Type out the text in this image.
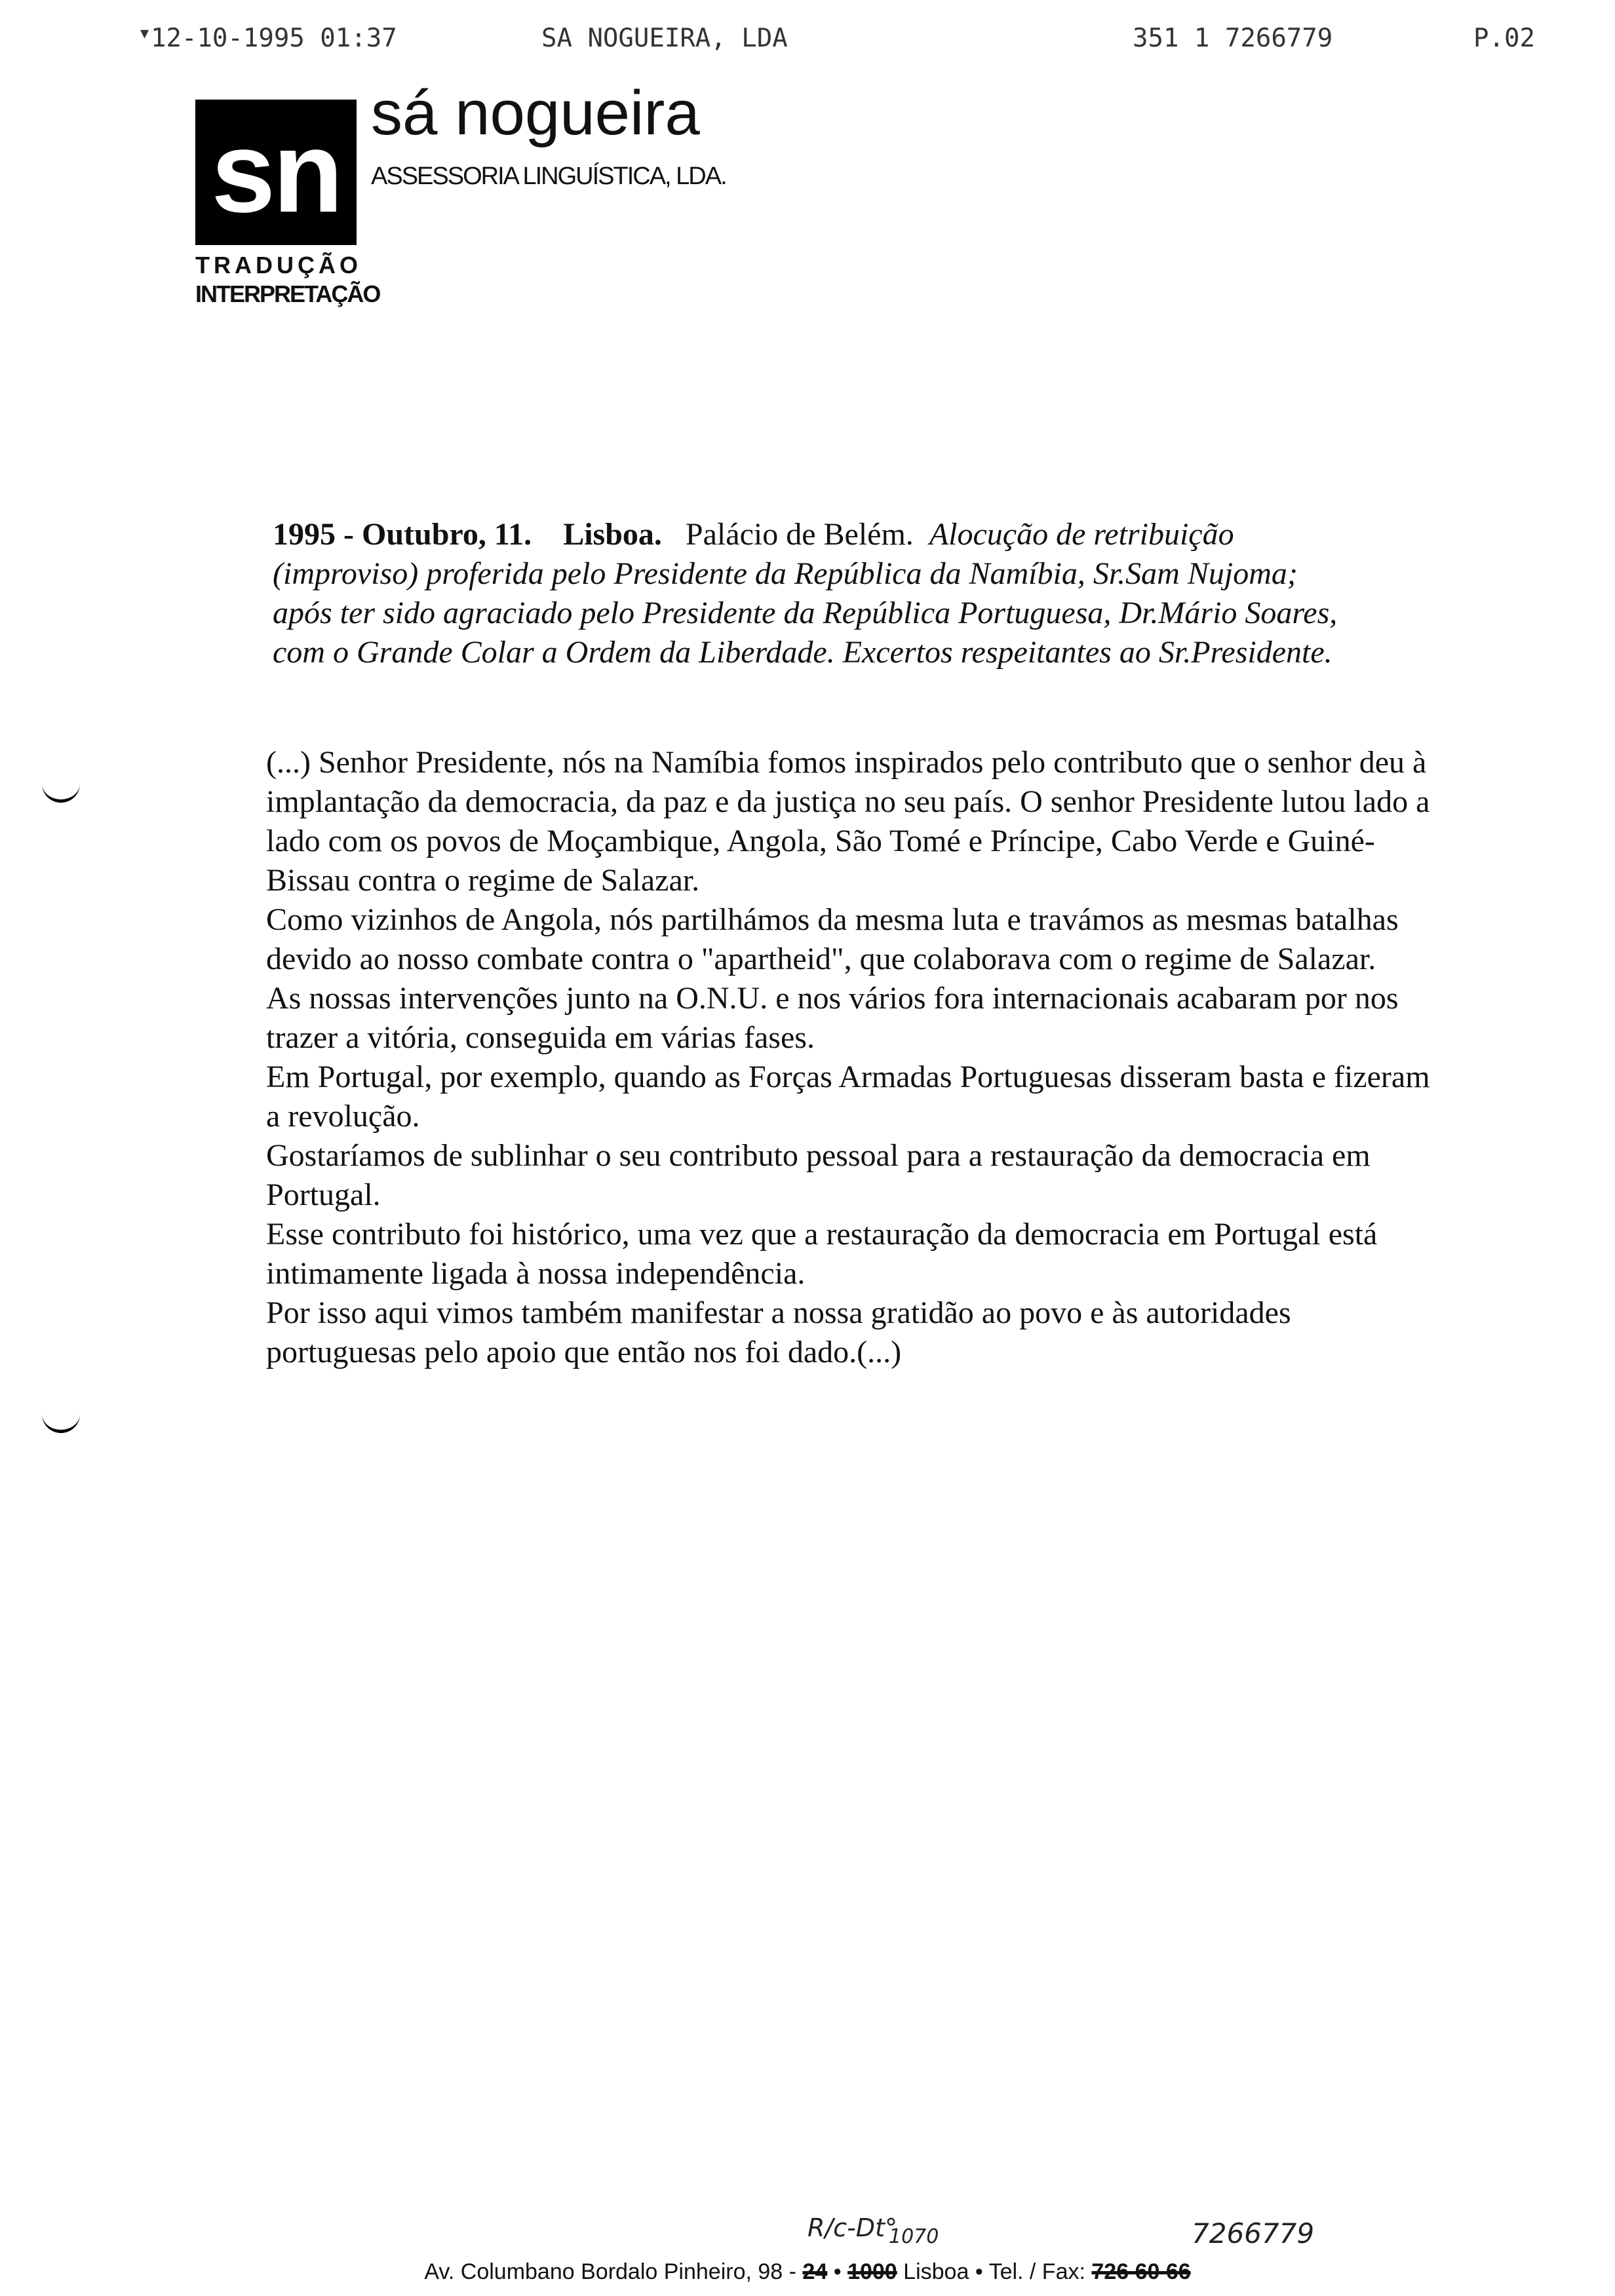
▾ 12-10-1995 01:37	SA NOGUEIRA, LDA	351 1 7266779	P.02
sn sá nogueira
ASSESSORIA LINGUÍSTICA, LDA.
TRADUÇÃO
INTERPRETAÇÃO
1995 - Outubro, 11. Lisboa. Palácio de Belém. Alocução de retribuição
(improviso) proferida pelo Presidente da República da Namíbia, Sr.Sam Nujoma;
após ter sido agraciado pelo Presidente da República Portuguesa, Dr.Mário Soares,
com o Grande Colar a Ordem da Liberdade. Excertos respeitantes ao Sr.Presidente.

(...) Senhor Presidente, nós na Namíbia fomos inspirados pelo contributo que o senhor deu à implantação da democracia, da paz e da justiça no seu país. O senhor Presidente lutou lado a lado com os povos de Moçambique, Angola, São Tomé e Príncipe, Cabo Verde e Guiné-Bissau contra o regime de Salazar.

Como vizinhos de Angola, nós partilhámos da mesma luta e travámos as mesmas batalhas devido ao nosso combate contra o "apartheid", que colaborava com o regime de Salazar.

As nossas intervenções junto na O.N.U. e nos vários fora internacionais acabaram por nos trazer a vitória, conseguida em várias fases.

Em Portugal, por exemplo, quando as Forças Armadas Portuguesas disseram basta e fizeram a revolução.

Gostaríamos de sublinhar o seu contributo pessoal para a restauração da democracia em Portugal.

Esse contributo foi histórico, uma vez que a restauração da democracia em Portugal está intimamente ligada à nossa independência.

Por isso aqui vimos também manifestar a nossa gratidão ao povo e às autoridades portuguesas pelo apoio que então nos foi dado.(...)

R/c-Dt°
1070	7266779
Av. Columbano Bordalo Pinheiro, 98 - 24 • 1000 Lisboa • Tel. / Fax: 726 60 66
